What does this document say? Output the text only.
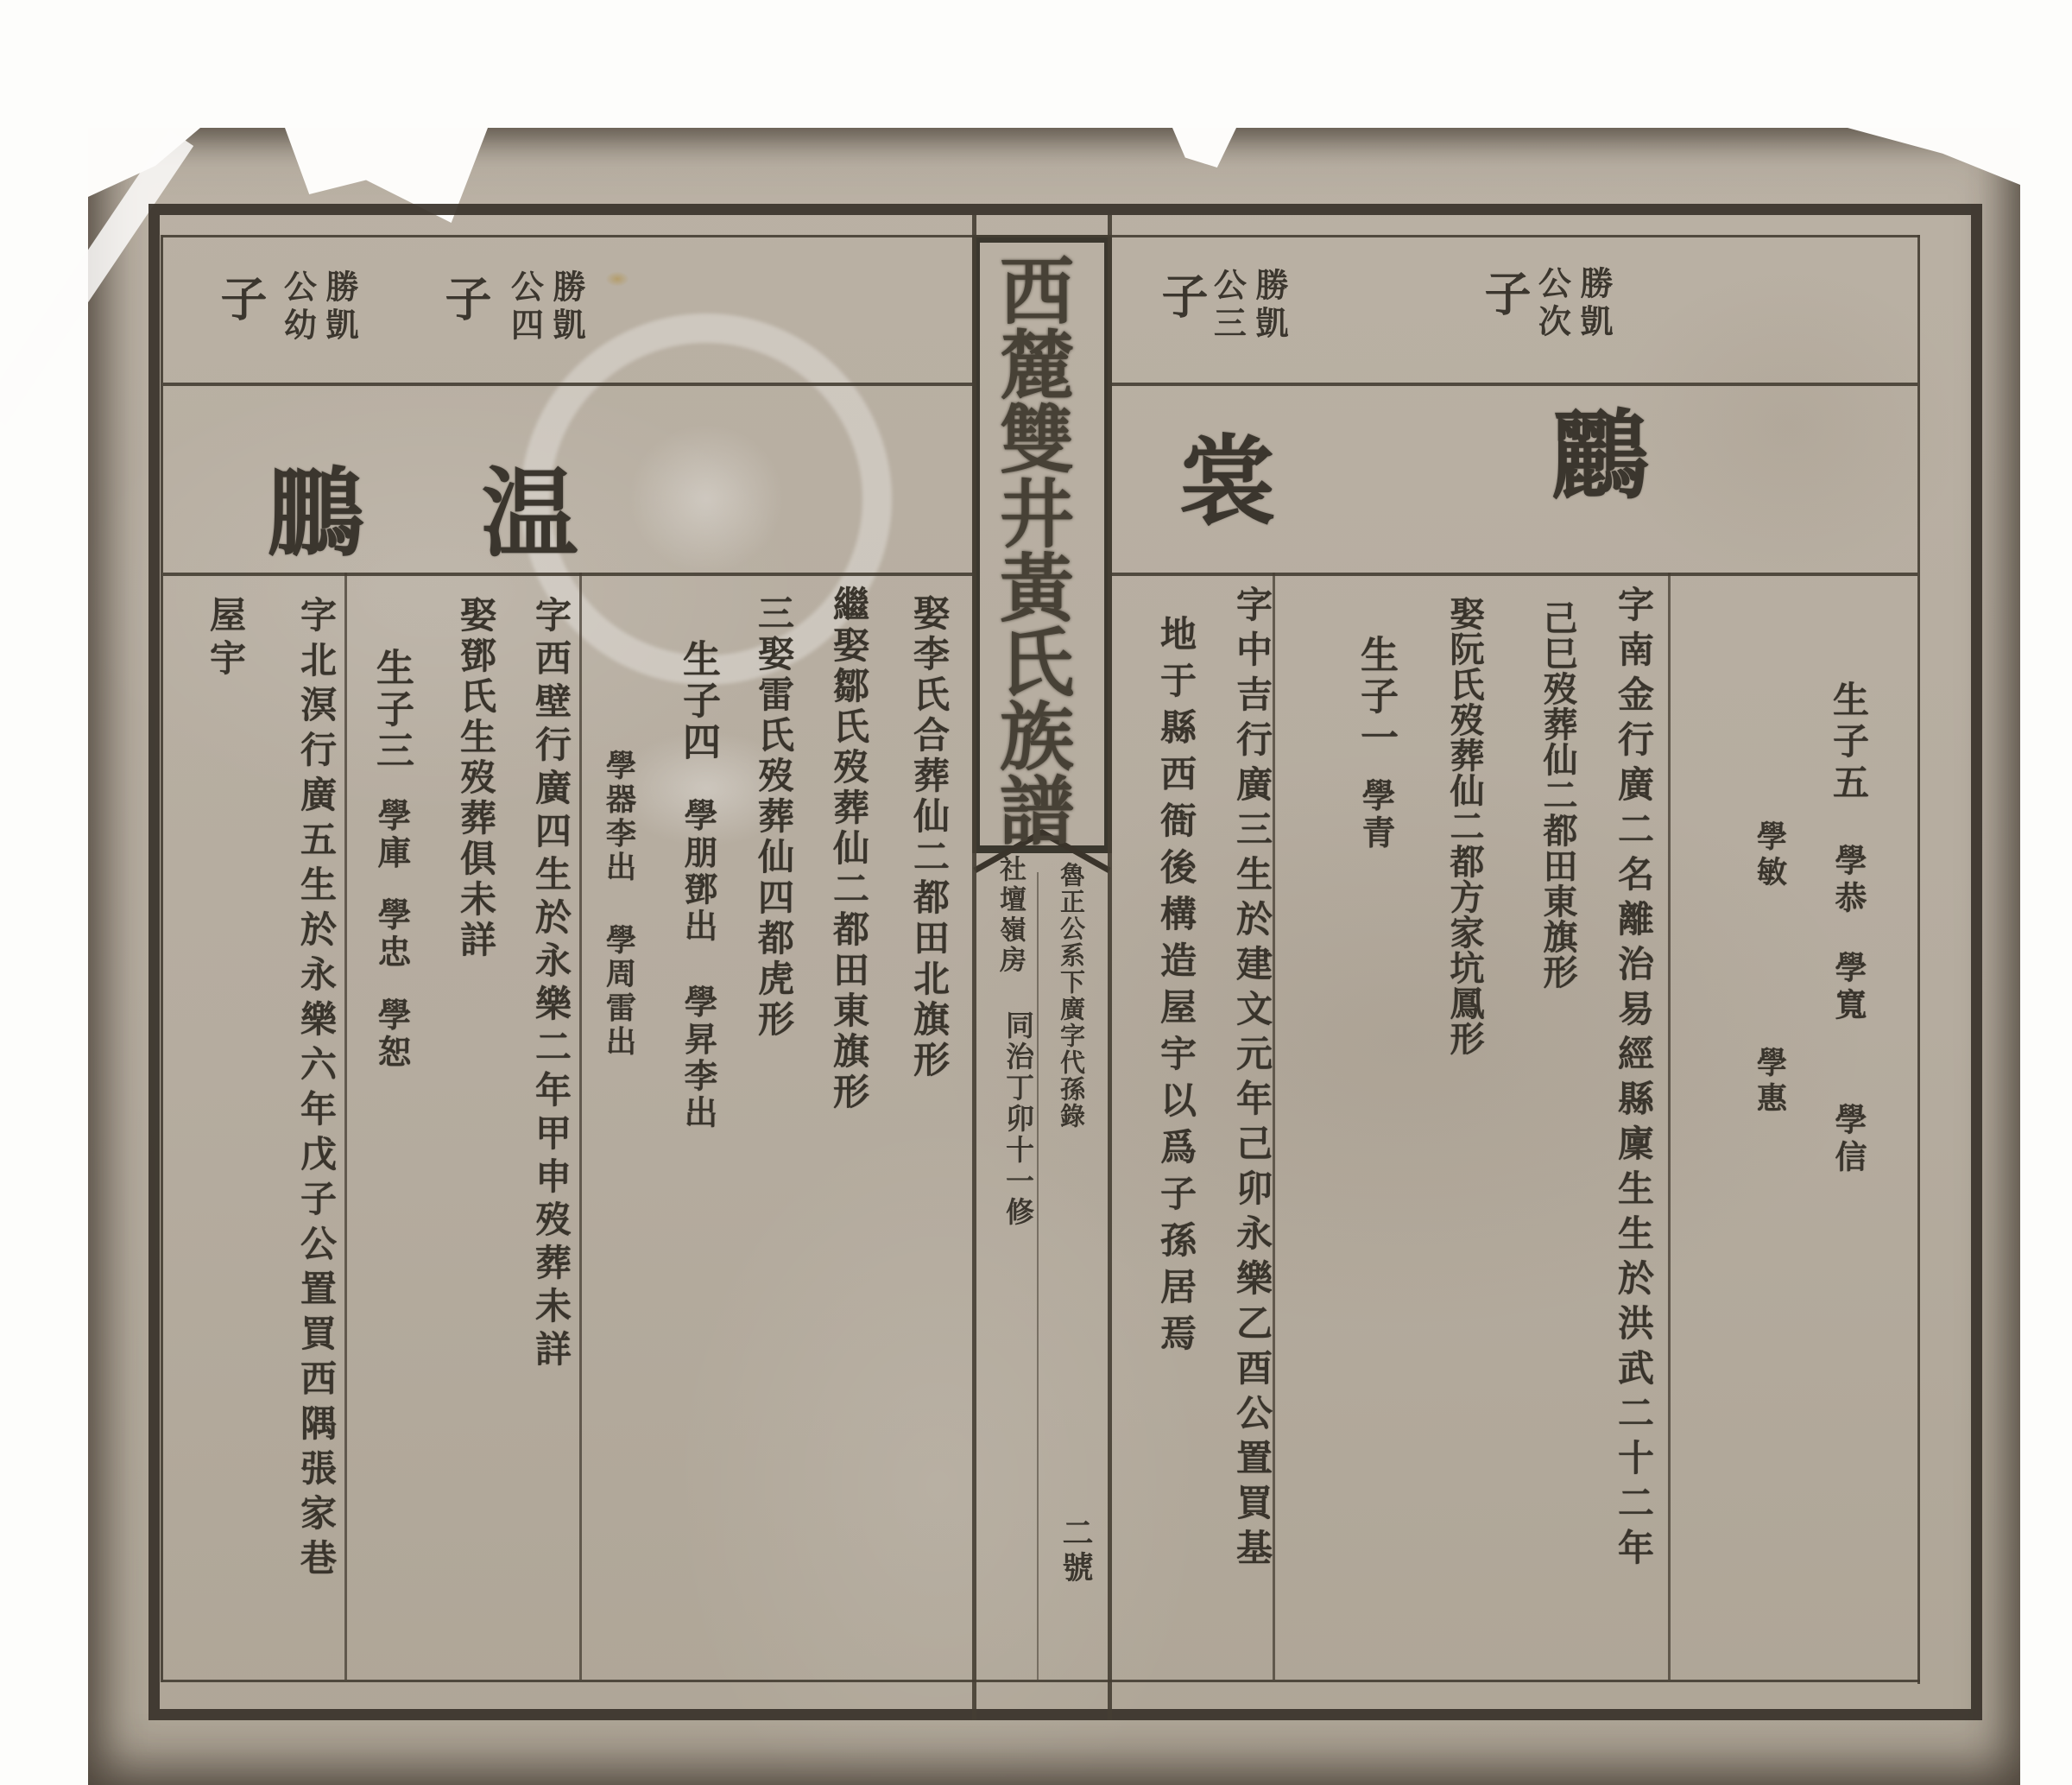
西麓雙井黃氏族譜
魯正公系下廣字代孫錄
社壇嶺房
同治丁卯十一修
二號
生子五學恭學寬學信
學敏學惠
字南金行廣二名離治易經縣廩生生於洪武二十二年
己巳歿葬仙二都田東旗形
娶阮氏歿葬仙二都方家坑鳳形
生子一學青
字中吉行廣三生於建文元年己卯永樂乙酉公置買基
地于縣西衙後構造屋宇以爲子孫居焉
娶李氏合葬仙二都田北旗形
繼娶鄒氏歿葬仙二都田東旗形
三娶雷氏歿葬仙四都虎形
生子四學朋鄧出學昇李出
學器李出學周雷出
字西壁行廣四生於永樂二年甲申歿葬未詳
娶鄧氏生歿葬俱未詳
生子三學庫學忠學恕
字北溟行廣五生於永樂六年戊子公置買西隅張家巷
屋宇
鸝
裳
温
鵬
子	勝凱公次
子	勝凱公三
子	勝凱公四
子	勝凱公幼
